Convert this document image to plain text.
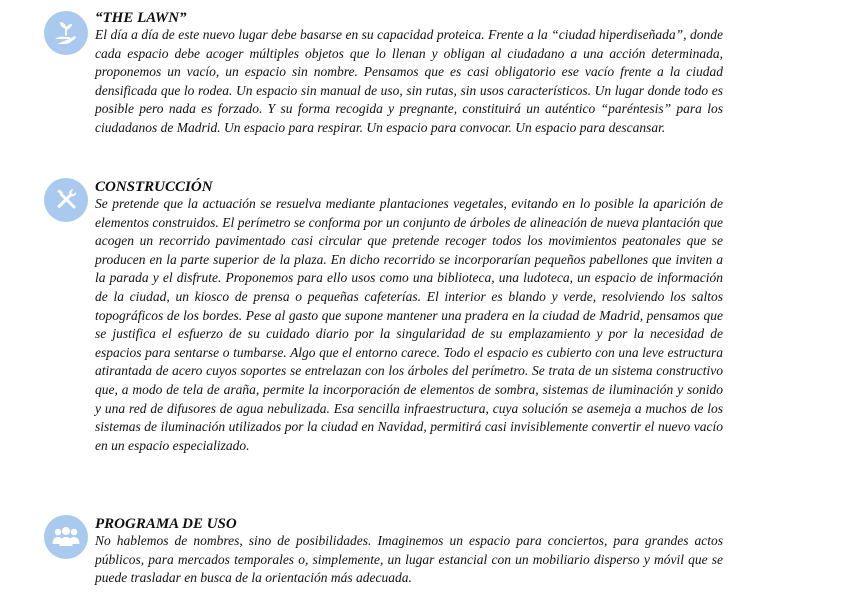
“THE LAWN”

El día a día de este nuevo lugar debe basarse en su capacidad proteica. Frente a la “ciudad hiperdiseñada”, donde cada espacio debe acoger múltiples objetos que lo llenan y obligan al ciudadano a una acción determinada, proponemos un vacío, un espacio sin nombre. Pensamos que es casi obligatorio ese vacío frente a la ciudad densificada que lo rodea. Un espacio sin manual de uso, sin rutas, sin usos característicos. Un lugar donde todo es posible pero nada es forzado. Y su forma recogida y pregnante, constituirá un auténtico “paréntesis” para los ciudadanos de Madrid. Un espacio para respirar. Un espacio para convocar. Un espacio para descansar.

CONSTRUCCIÓN

Se pretende que la actuación se resuelva mediante plantaciones vegetales, evitando en lo posible la aparición de elementos construidos. El perímetro se conforma por un conjunto de árboles de alineación de nueva plantación que acogen un recorrido pavimentado casi circular que pretende recoger todos los movimientos peatonales que se producen en la parte superior de la plaza. En dicho recorrido se incorporarían pequeños pabellones que inviten a la parada y el disfrute. Proponemos para ello usos como una biblioteca, una ludoteca, un espacio de información de la ciudad, un kiosco de prensa o pequeñas cafeterías. El interior es blando y verde, resolviendo los saltos topográficos de los bordes. Pese al gasto que supone mantener una pradera en la ciudad de Madrid, pensamos que se justifica el esfuerzo de su cuidado diario por la singularidad de su emplazamiento y por la necesidad de espacios para sentarse o tumbarse. Algo que el entorno carece. Todo el espacio es cubierto con una leve estructura atirantada de acero cuyos soportes se entrelazan con los árboles del perímetro. Se trata de un sistema constructivo que, a modo de tela de araña, permite la incorporación de elementos de sombra, sistemas de iluminación y sonido y una red de difusores de agua nebulizada. Esa sencilla infraestructura, cuya solución se asemeja a muchos de los sistemas de iluminación utilizados por la ciudad en Navidad, permitirá casi invisiblemente convertir el nuevo vacío en un espacio especializado.

PROGRAMA DE USO

No hablemos de nombres, sino de posibilidades. Imaginemos un espacio para conciertos, para grandes actos públicos, para mercados temporales o, simplemente, un lugar estancial con un mobiliario disperso y móvil que se puede trasladar en busca de la orientación más adecuada.
